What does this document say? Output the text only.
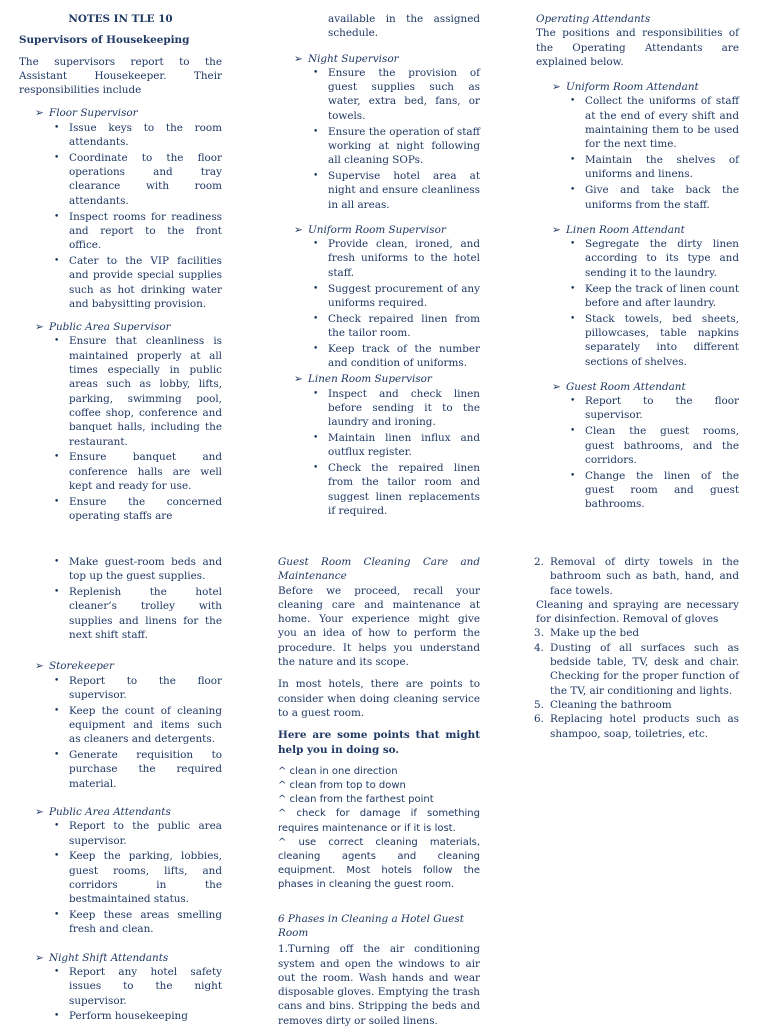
NOTES IN TLE 10

Supervisors of Housekeeping

The supervisors report to the Assistant Housekeeper. Their responsibilities include

➢ Floor Supervisor
• Issue keys to the room attendants.
• Coordinate to the floor operations and tray clearance with room attendants.
• Inspect rooms for readiness and report to the front office.
• Cater to the VIP facilities and provide special supplies such as hot drinking water and babysitting provision.
➢ Public Area Supervisor
• Ensure that cleanliness is maintained properly at all times especially in public areas such as lobby, lifts, parking, swimming pool, coffee shop, conference and banquet halls, including the restaurant.
• Ensure banquet and conference halls are well kept and ready for use.
• Ensure the concerned operating staffs are
• Make guest-room beds and top up the guest supplies.
• Replenish the hotel cleaner’s trolley with supplies and linens for the next shift staff.
➢ Storekeeper
• Report to the floor supervisor.
• Keep the count of cleaning equipment and items such as cleaners and detergents.
• Generate requisition to purchase the required material.
➢ Public Area Attendants
• Report to the public area supervisor.
• Keep the parking, lobbies, guest rooms, lifts, and corridors in the bestmaintained status.
• Keep these areas smelling fresh and clean.
➢ Night Shift Attendants
• Report any hotel safety issues to the night supervisor.
• Perform housekeeping

available in the assigned schedule.

➢ Night Supervisor
• Ensure the provision of guest supplies such as water, extra bed, fans, or towels.
• Ensure the operation of staff working at night following all cleaning SOPs.
• Supervise hotel area at night and ensure cleanliness in all areas.
➢ Uniform Room Supervisor
• Provide clean, ironed, and fresh uniforms to the hotel staff.
• Suggest procurement of any uniforms required.
• Check repaired linen from the tailor room.
• Keep track of the number and condition of uniforms.
➢ Linen Room Supervisor
• Inspect and check linen before sending it to the laundry and ironing.
• Maintain linen influx and outflux register.
• Check the repaired linen from the tailor room and suggest linen replacements if required.

Guest Room Cleaning Care and Maintenance

Before we proceed, recall your cleaning care and maintenance at home. Your experience might give you an idea of how to perform the procedure. It helps you understand the nature and its scope.

In most hotels, there are points to consider when doing cleaning service to a guest room.

Here are some points that might help you in doing so.

^ clean in one direction

^ clean from top to down

^ clean from the farthest point

^ check for damage if something requires maintenance or if it is lost.

^ use correct cleaning materials, cleaning agents and cleaning equipment. Most hotels follow the phases in cleaning the guest room.

6 Phases in Cleaning a Hotel Guest Room

1.Turning off the air conditioning system and open the windows to air out the room. Wash hands and wear disposable gloves. Emptying the trash cans and bins. Stripping the beds and removes dirty or soiled linens.

Operating Attendants

The positions and responsibilities of the Operating Attendants are explained below.

➢ Uniform Room Attendant
• Collect the uniforms of staff at the end of every shift and maintaining them to be used for the next time.
• Maintain the shelves of uniforms and linens.
• Give and take back the uniforms from the staff.
➢ Linen Room Attendant
• Segregate the dirty linen according to its type and sending it to the laundry.
• Keep the track of linen count before and after laundry.
• Stack towels, bed sheets, pillowcases, table napkins separately into different sections of shelves.
➢ Guest Room Attendant
• Report to the floor supervisor.
• Clean the guest rooms, guest bathrooms, and the corridors.
• Change the linen of the guest room and guest bathrooms.
2. Removal of dirty towels in the bathroom such as bath, hand, and face towels.

Cleaning and spraying are necessary for disinfection. Removal of gloves

3. Make up the bed
4. Dusting of all surfaces such as bedside table, TV, desk and chair. Checking for the proper function of the TV, air conditioning and lights.
5. Cleaning the bathroom
6. Replacing hotel products such as shampoo, soap, toiletries, etc.
